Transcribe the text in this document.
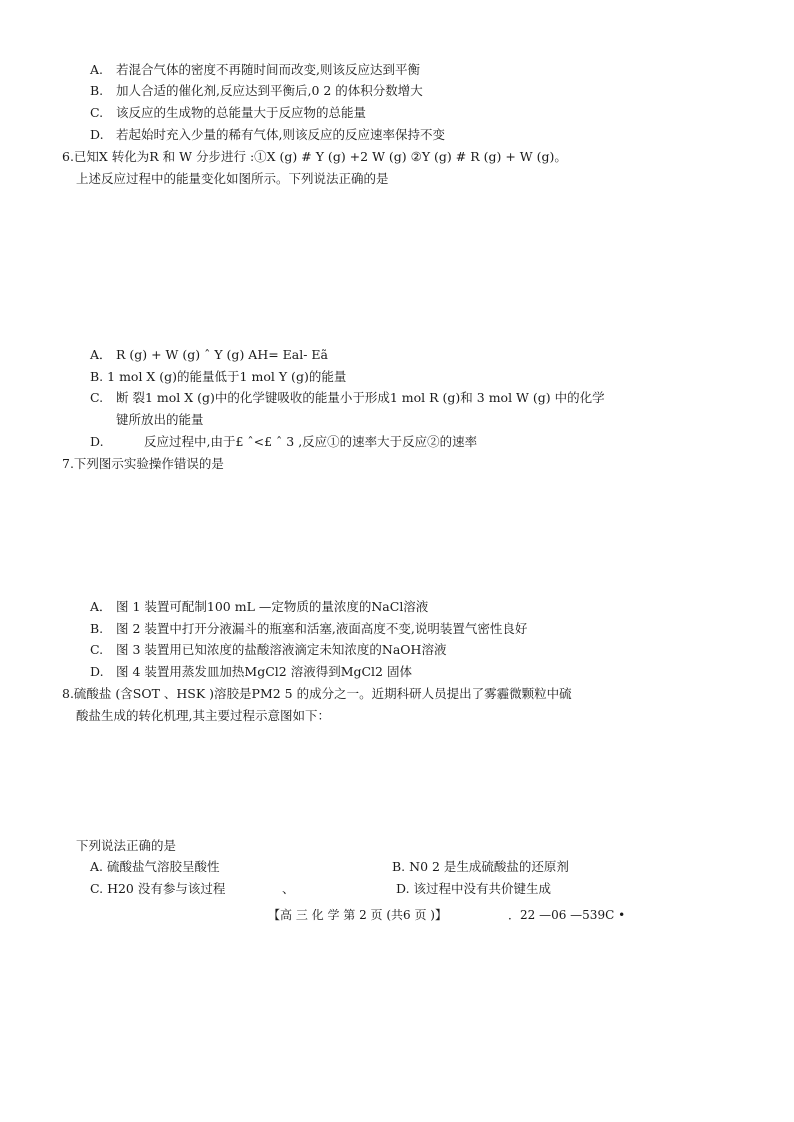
A. 若混合气体的密度不再随时间而改变,则该反应达到平衡
B. 加人合适的催化剂,反应达到平衡后,0 2 的体积分数增大
C. 该反应的生成物的总能量大于反应物的总能量
D. 若起始时充入少量的稀有气体,则该反应的反应速率保持不变
6.已知X 转化为R 和 W 分步进行 :①X (g) # Y (g) +2 W (g) ②Y (g) # R (g) + W (g)。
上述反应过程中的能量变化如图所示。下列说法正确的是
A． R (g) + W (g) ˆ Y (g) AH= Eal- Eã
B. 1 mol X (g)的能量低于1 mol Y (g)的能量
C. 断 裂1 mol X (g)中的化学键吸收的能量小于形成1 mol R (g)和 3 mol W (g) 中的化学
键所放出的能量
D.	反应过程中,由于£ ˆ<£ ˆ 3 ,反应①的速率大于反应②的速率
7.下列图示实验操作错误的是
A． 图 1 装置可配制100 mL —定物质的量浓度的NaCl溶液
B. 图 2 装置中打开分液漏斗的瓶塞和活塞,液面高度不变,说明装置气密性良好
C. 图 3 装置用已知浓度的盐酸溶液滴定未知浓度的NaOH溶液
D. 图 4 装置用蒸发皿加热MgCl2 溶液得到MgCl2 固体
8.硫酸盐 (含SOT 、HSK )溶胶是PM2 5 的成分之一。近期科研人员提出了雾霾微颗粒中硫
酸盐生成的转化机理,其主要过程示意图如下：
下列说法正确的是
A. 硫酸盐气溶胶呈酸性	B. N0 2 是生成硫酸盐的还原剂
C. H20 没有参与该过程	、	D. 该过程中没有共价键生成
【高 三 化 学 第 2 页 (共6 页 )】	．22 —06 —539C •
